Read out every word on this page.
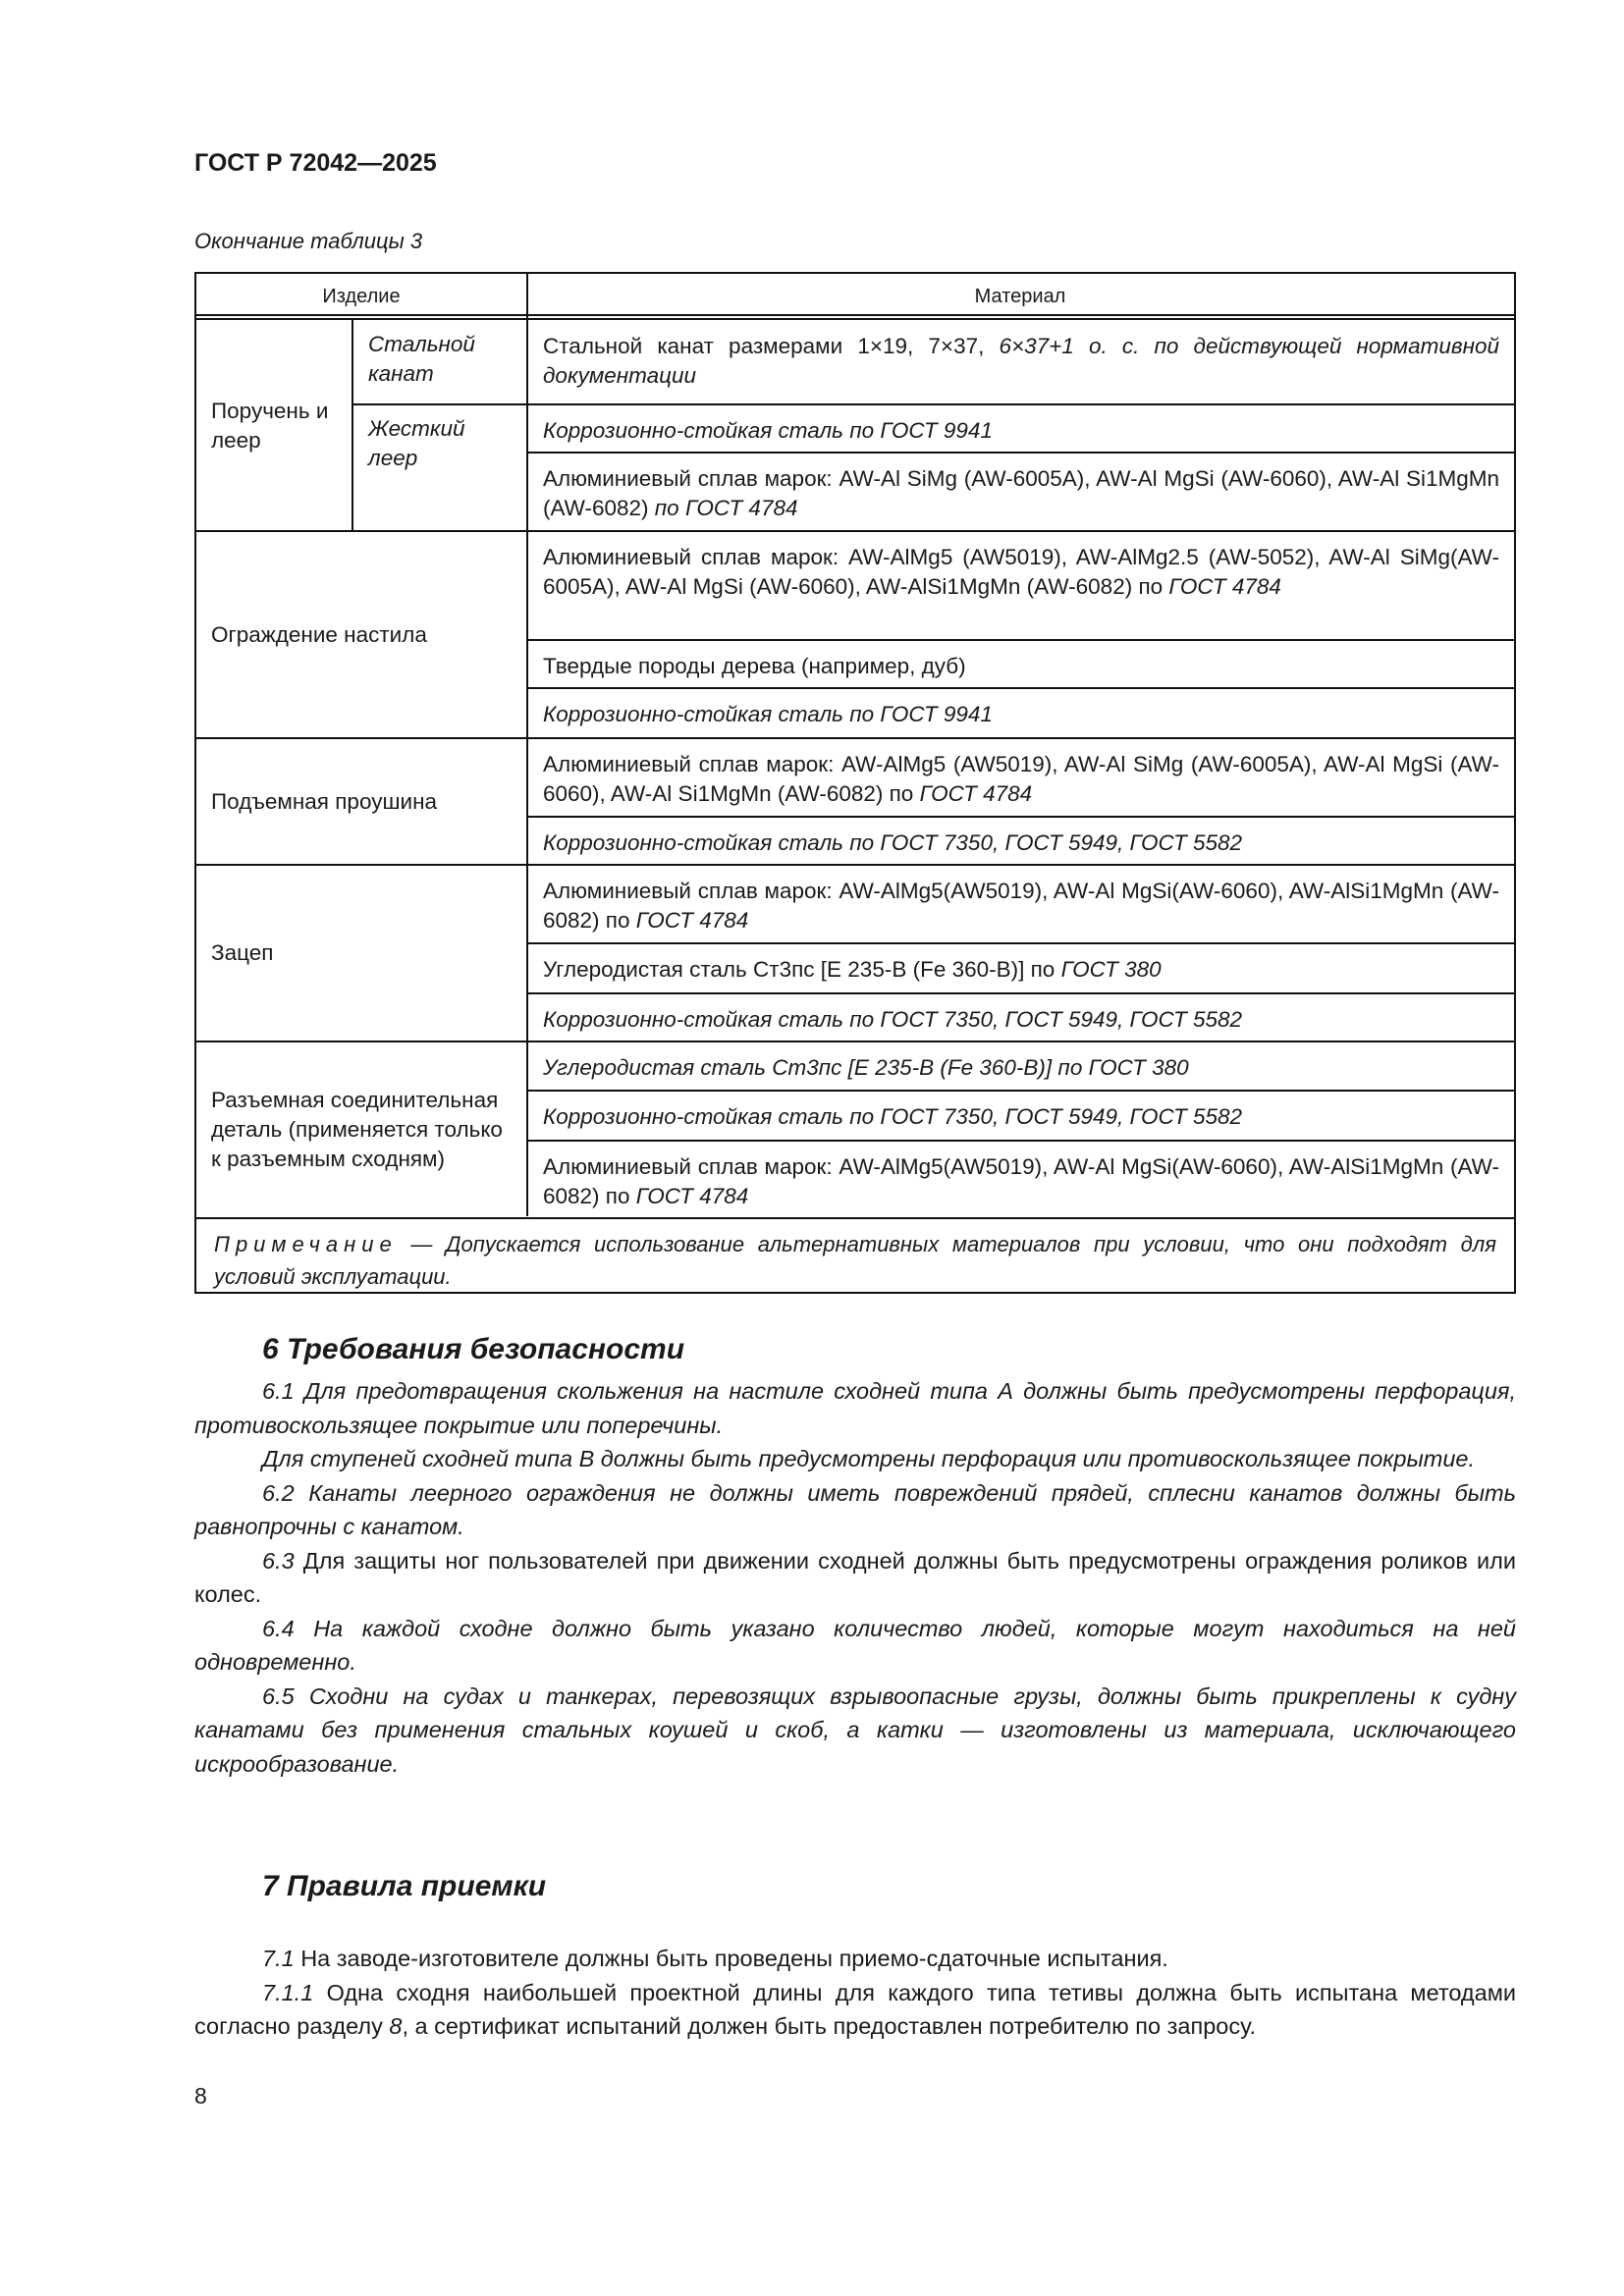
ГОСТ Р 72042—2025
Окончание таблицы 3
Изделие	Материал
Стальной канат размерами 1×19, 7×37, 6×37+1 о. с. по действующей нормативной документации
Стальной канат
Коррозионно-стойкая сталь по ГОСТ 9941
Алюминиевый сплав марок: AW-Al SiMg (AW-6005A), AW-Al MgSi (AW-6060), AW-Al Si1MgMn (AW-6082) по ГОСТ 4784
Жесткий леер
Поручень и леер
Алюминиевый сплав марок: AW-AlMg5 (AW5019), AW-AlMg2.5 (AW-5052), AW-Al SiMg(AW-6005A), AW-Al MgSi (AW-6060), AW-AlSi1MgMn (AW-6082) по ГОСТ 4784
Твердые породы дерева (например, дуб)
Коррозионно-стойкая сталь по ГОСТ 9941
Ограждение настила
Алюминиевый сплав марок: AW-AlMg5 (AW5019), AW-Al SiMg (AW-6005A), AW-Al MgSi (AW-6060), AW-Al Si1MgMn (AW-6082) по ГОСТ 4784
Коррозионно-стойкая сталь по ГОСТ 7350, ГОСТ 5949, ГОСТ 5582
Подъемная проушина
Алюминиевый сплав марок: AW-AlMg5(AW5019), AW-Al MgSi(AW-6060), AW-AlSi1MgMn (AW-6082) по ГОСТ 4784
Углеродистая сталь Ст3пс [Е 235-В (Fe 360-В)] по ГОСТ 380
Коррозионно-стойкая сталь по ГОСТ 7350, ГОСТ 5949, ГОСТ 5582
Зацеп
Углеродистая сталь Ст3пс [Е 235-В (Fe 360-В)] по ГОСТ 380
Коррозионно-стойкая сталь по ГОСТ 7350, ГОСТ 5949, ГОСТ 5582
Алюминиевый сплав марок: AW-AlMg5(AW5019), AW-Al MgSi(AW-6060), AW-AlSi1MgMn (AW-6082) по ГОСТ 4784
Разъемная соединительная деталь (применяется только к разъемным сходням)
Примечание — Допускается использование альтернативных материалов при условии, что они подходят для условий эксплуатации.
6 Требования безопасности

6.1 Для предотвращения скольжения на настиле сходней типа А должны быть предусмотрены перфорация, противоскользящее покрытие или поперечины.

Для ступеней сходней типа В должны быть предусмотрены перфорация или противоскользящее покрытие.

6.2 Канаты леерного ограждения не должны иметь повреждений прядей, сплесни канатов должны быть равнопрочны с канатом.

6.3 Для защиты ног пользователей при движении сходней должны быть предусмотрены ограждения роликов или колес.

6.4 На каждой сходне должно быть указано количество людей, которые могут находиться на ней одновременно.

6.5 Сходни на судах и танкерах, перевозящих взрывоопасные грузы, должны быть прикреплены к судну канатами без применения стальных коушей и скоб, а катки — изготовлены из материала, исключающего искрообразование.

7 Правила приемки

7.1 На заводе-изготовителе должны быть проведены приемо-сдаточные испытания.

7.1.1 Одна сходня наибольшей проектной длины для каждого типа тетивы должна быть испытана методами согласно разделу 8, а сертификат испытаний должен быть предоставлен потребителю по запросу.

8
